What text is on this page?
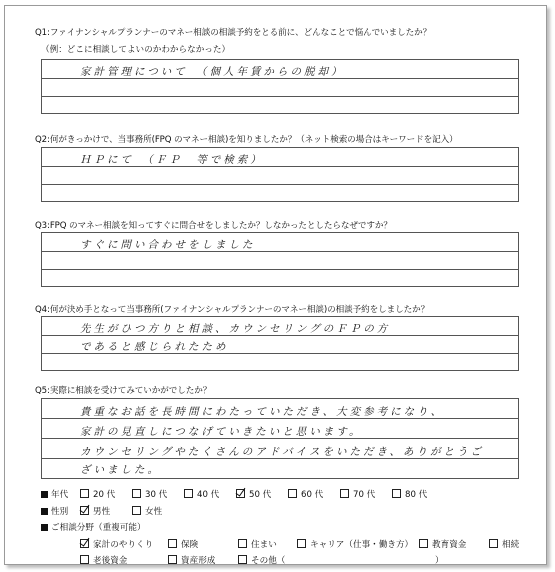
Q1:ファイナンシャルプランナーのマネー相談の相談予約をとる前に、どんなことで悩んでいましたか？
（例：どこに相談してよいのかわからなかった）
家計管理について　（個人年賃からの脱却）
Q2:何がきっかけで、当事務所(FPQ のマネー相談)を知りましたか？（ネット検索の場合はキーワードを記入）
ＨＰにて　（ＦＰ　等で検索）
Q3:FPQ のマネー相談を知ってすぐに問合せをしましたか？しなかったとしたらなぜですか？
すぐに問い合わせをしました
Q4:何が決め手となって当事務所(ファイナンシャルプランナーのマネー相談)の相談予約をしましたか？
先生がひつ方りと相談、カウンセリングのＦＰの方
であると感じられたため
Q5:実際に相談を受けてみていかがでしたか？
貴重なお話を長時間にわたっていただき、大変参考になり、
家計の見直しにつなげていきたいと思います。
カウンセリングやたくさんのアドバイスをいただき、ありがとうご
ざいました。
年代	20 代	30 代	40 代	50 代	60 代	70 代	80 代
性別	男性	女性
ご相談分野（重複可能）
家計のやりくり	保険	住まい	キャリア（仕事・働き方）	教育資金	相続
老後資金	資産形成	その他（	）
